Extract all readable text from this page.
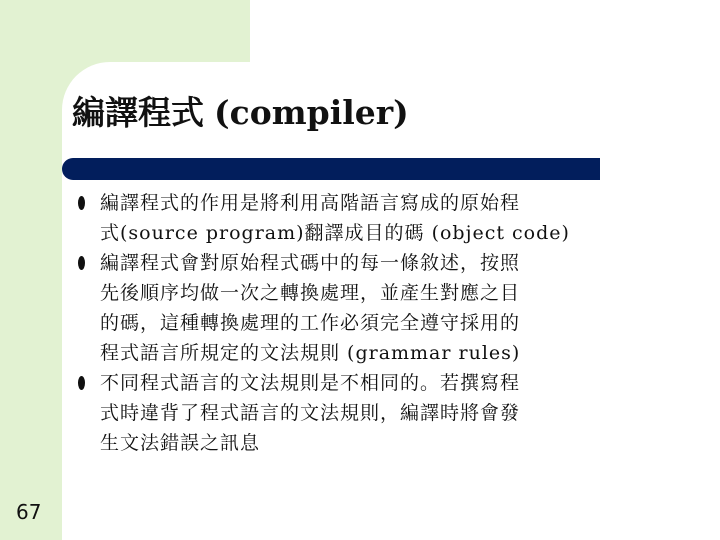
編譯程式 (compiler)
編譯程式的作用是將利用高階語言寫成的原始程
式(source program)翻譯成目的碼 (object code)
編譯程式會對原始程式碼中的每一條敘述，按照
先後順序均做一次之轉換處理，並產生對應之目
的碼，這種轉換處理的工作必須完全遵守採用的
程式語言所規定的文法規則 (grammar rules)
不同程式語言的文法規則是不相同的。若撰寫程
式時違背了程式語言的文法規則，編譯時將會發
生文法錯誤之訊息
67
